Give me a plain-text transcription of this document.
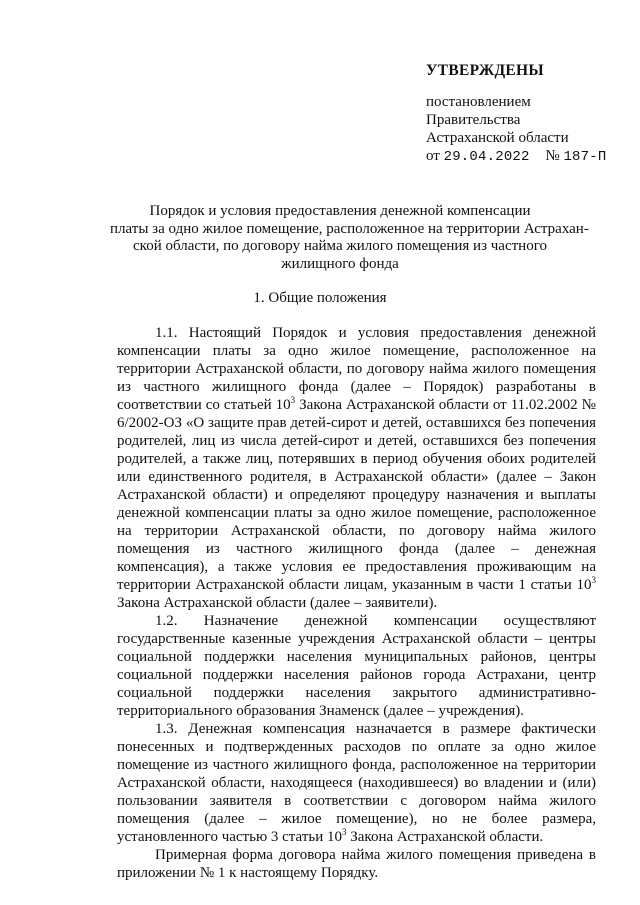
УТВЕРЖДЕНЫ
постановлением
Правительства
Астраханской области
от 29.04.2022 № 187-П
Порядок и условия предоставления денежной компенсации
платы за одно жилое помещение, расположенное на территории Астрахан-
ской области, по договору найма жилого помещения из частного
жилищного фонда
1. Общие положения

1.1. Настоящий Порядок и условия предоставления денежной компенсации платы за одно жилое помещение, расположенное на территории Астраханской области, по договору найма жилого помещения из частного жилищного фонда (далее – Порядок) разработаны в соответствии со статьей $10^3$ Закона Астраханской области от 11.02.2002 № 6/2002-ОЗ «О защите прав детей-сирот и детей, оставшихся без попечения родителей, лиц из числа детей-сирот и детей, оставшихся без попечения родителей, а также лиц, потерявших в период обучения обоих родителей или единственного родителя, в Астраханской области» (далее – Закон Астраханской области) и определяют процедуру назначения и выплаты денежной компенсации платы за одно жилое помещение, расположенное на территории Астраханской области, по договору найма жилого помещения из частного жилищного фонда (далее – денежная компенсация), а также условия ее предоставления проживающим на территории Астраханской области лицам, указанным в части 1 статьи $10^3$ Закона Астраханской области (далее – заявители).

1.2. Назначение денежной компенсации осуществляют государственные казенные учреждения Астраханской области – центры социальной поддержки населения муниципальных районов, центры социальной поддержки населения районов города Астрахани, центр социальной поддержки населения закрытого административно-территориального образования Знаменск (далее – учреждения).

1.3. Денежная компенсация назначается в размере фактически понесенных и подтвержденных расходов по оплате за одно жилое помещение из частного жилищного фонда, расположенное на территории Астраханской области, находящееся (находившееся) во владении и (или) пользовании заявителя в соответствии с договором найма жилого помещения (далее – жилое помещение), но не более размера, установленного частью 3 статьи $10^3$ Закона Астраханской области.

Примерная форма договора найма жилого помещения приведена в приложении № 1 к настоящему Порядку.
